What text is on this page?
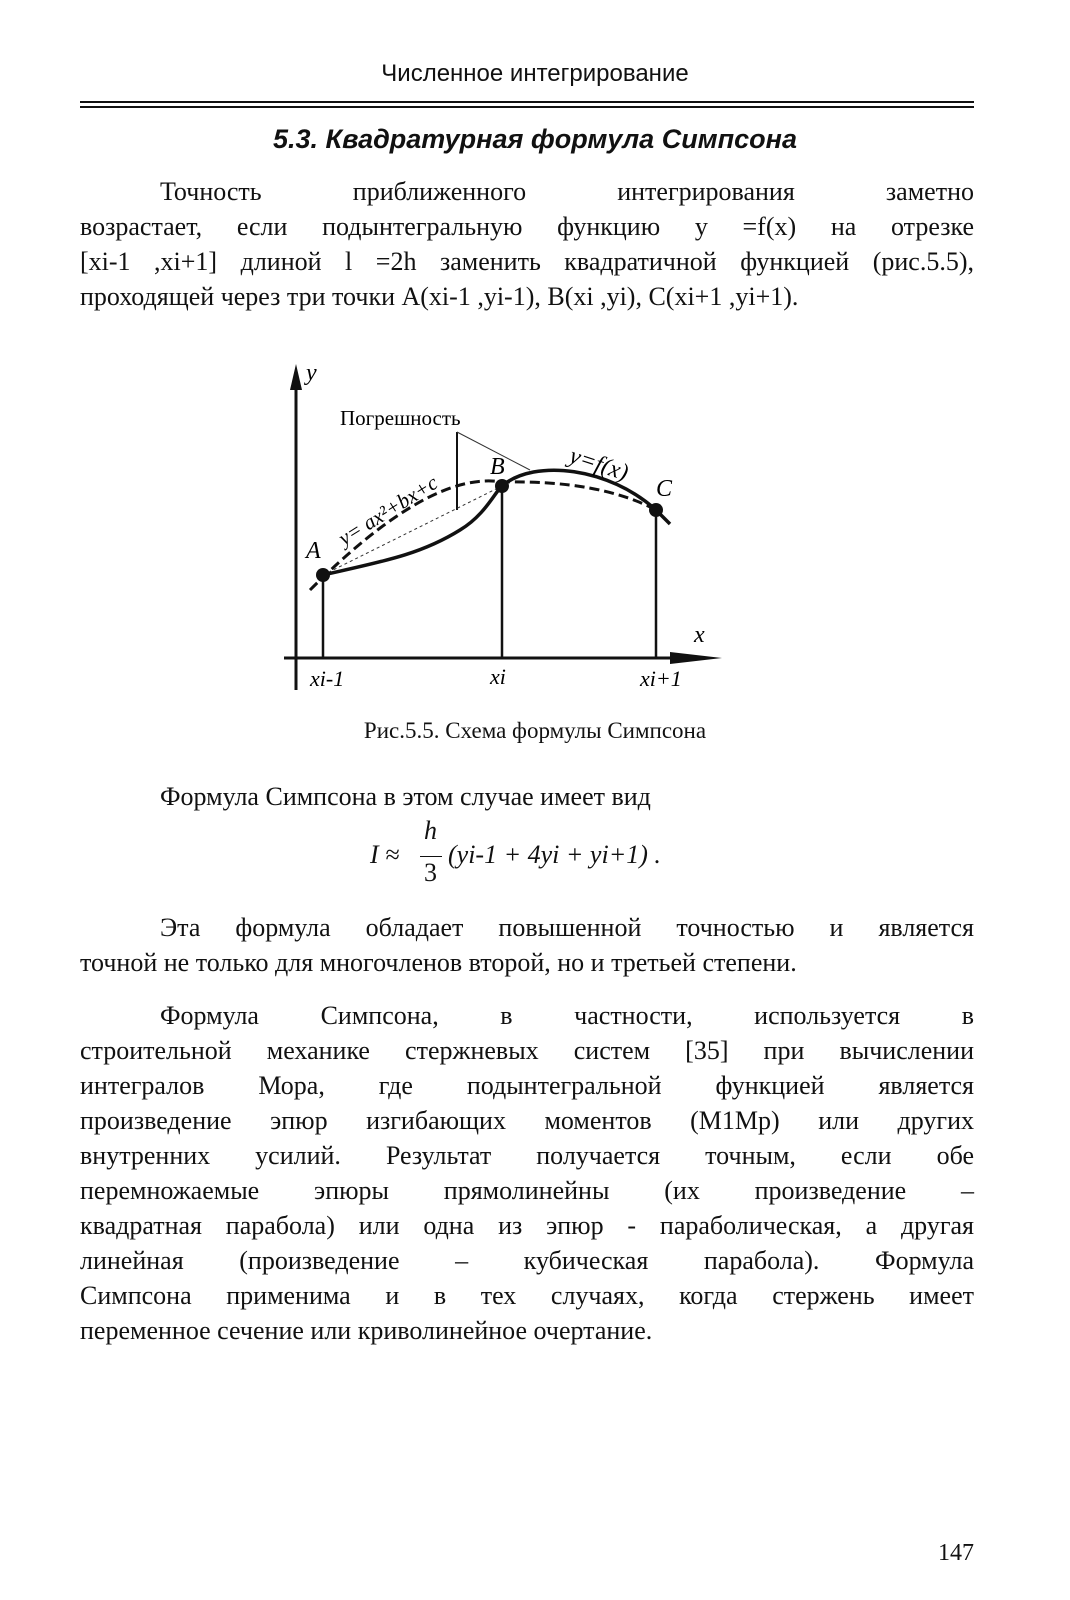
Численное интегрирование
5.3. Квадратурная формула Симпсона
Точность приближенного интегрирования заметно
возрастает, если подынтегральную функцию y =f(x) на отрезке
[xi-1 ,xi+1] длиной l =2h заменить квадратичной функцией (рис.5.5),
проходящей через три точки A(xi-1 ,yi-1), B(xi ,yi), C(xi+1 ,yi+1).
y
Погрешность
y=f(x)
y= ax²+bx+c
A
B
C
x
xi-1	xi	xi+1
Рис.5.5. Схема формулы Симпсона
Формула Симпсона в этом случае имеет вид
I ≈
h
3
(yi-1 + 4yi + yi+1) .
Эта формула обладает повышенной точностью и является
точной не только для многочленов второй, но и третьей степени.
Формула Симпсона, в частности, используется в
строительной механике стержневых систем [35] при вычислении
интегралов Мора, где подынтегральной функцией является
произведение эпюр изгибающих моментов (M1Mp) или других
внутренних усилий. Результат получается точным, если обе
перемножаемые эпюры прямолинейны (их произведение –
квадратная парабола) или одна из эпюр - параболическая, а другая
линейная (произведение – кубическая парабола). Формула
Симпсона применима и в тех случаях, когда стержень имеет
переменное сечение или криволинейное очертание.
147
